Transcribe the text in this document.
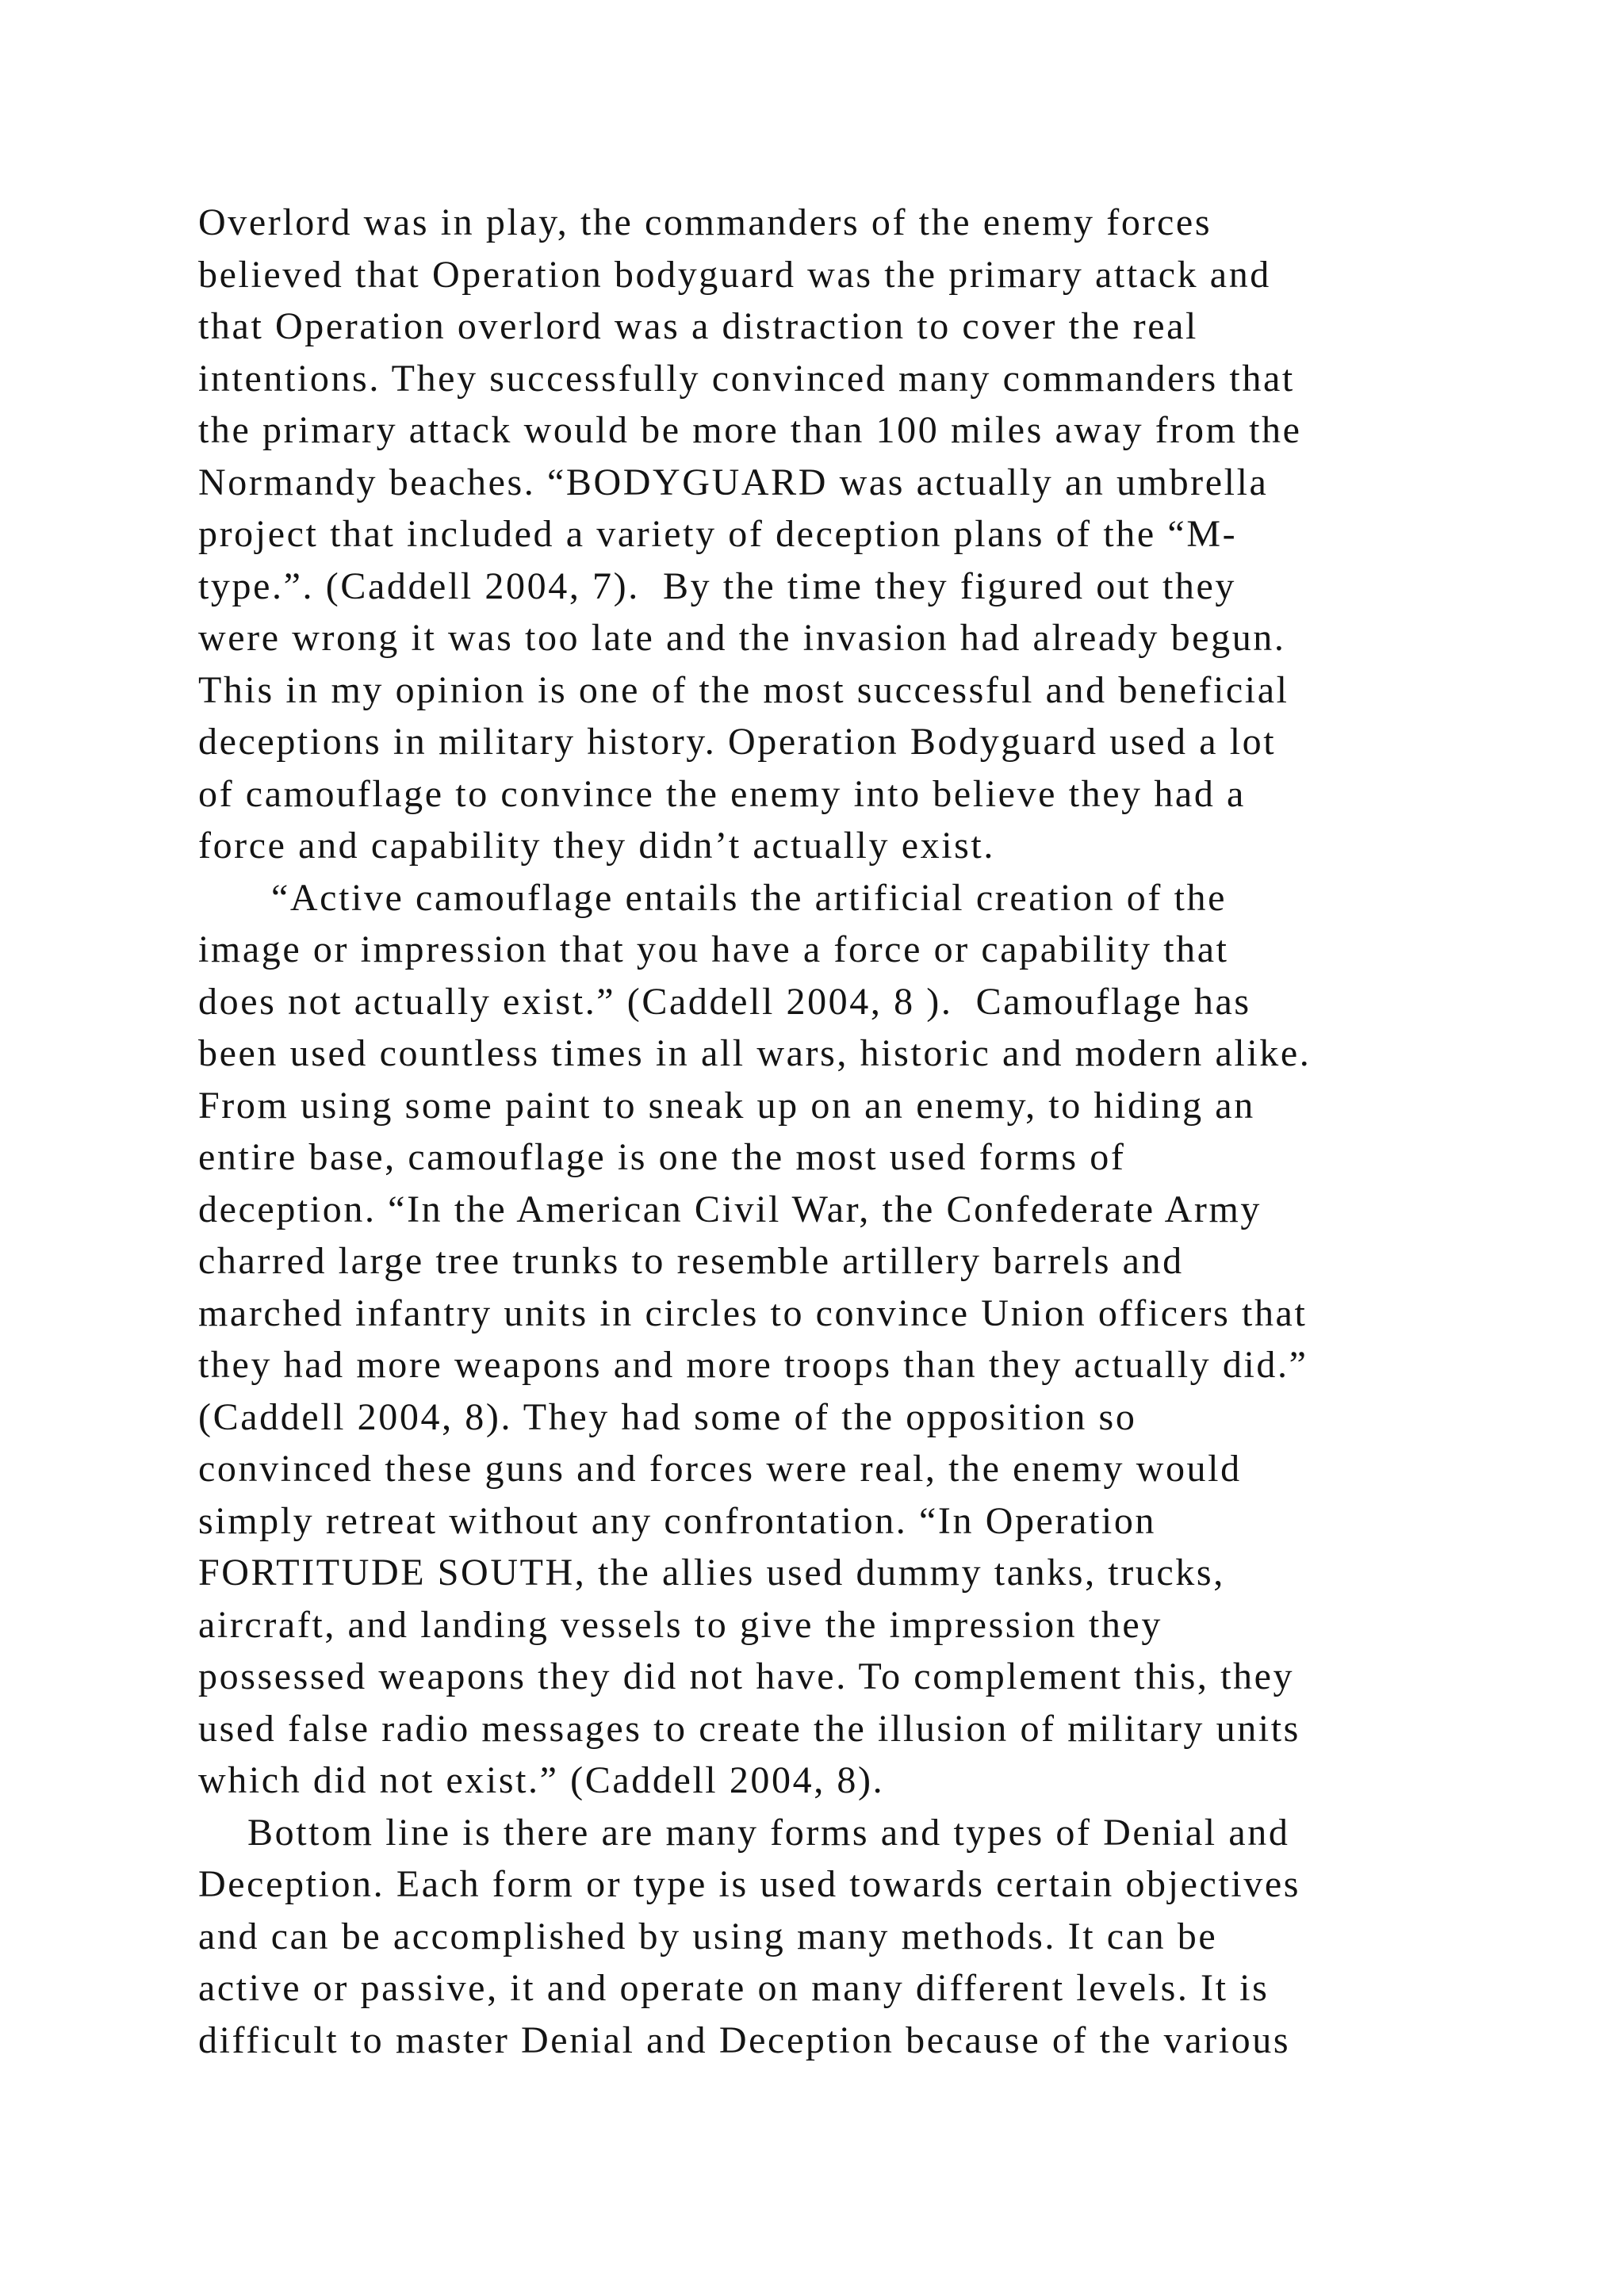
Overlord was in play, the commanders of the enemy forces
believed that Operation bodyguard was the primary attack and
that Operation overlord was a distraction to cover the real
intentions. They successfully convinced many commanders that
the primary attack would be more than 100 miles away from the
Normandy beaches. “BODYGUARD was actually an umbrella
project that included a variety of deception plans of the “M-
type.”. (Caddell 2004, 7).  By the time they figured out they
were wrong it was too late and the invasion had already begun.
This in my opinion is one of the most successful and beneficial
deceptions in military history. Operation Bodyguard used a lot
of camouflage to convince the enemy into believe they had a
force and capability they didn’t actually exist.
“Active camouflage entails the artificial creation of the
image or impression that you have a force or capability that
does not actually exist.” (Caddell 2004, 8 ).  Camouflage has
been used countless times in all wars, historic and modern alike.
From using some paint to sneak up on an enemy, to hiding an
entire base, camouflage is one the most used forms of
deception. “In the American Civil War, the Confederate Army
charred large tree trunks to resemble artillery barrels and
marched infantry units in circles to convince Union officers that
they had more weapons and more troops than they actually did.”
(Caddell 2004, 8). They had some of the opposition so
convinced these guns and forces were real, the enemy would
simply retreat without any confrontation. “In Operation
FORTITUDE SOUTH, the allies used dummy tanks, trucks,
aircraft, and landing vessels to give the impression they
possessed weapons they did not have. To complement this, they
used false radio messages to create the illusion of military units
which did not exist.” (Caddell 2004, 8).
Bottom line is there are many forms and types of Denial and
Deception. Each form or type is used towards certain objectives
and can be accomplished by using many methods. It can be
active or passive, it and operate on many different levels. It is
difficult to master Denial and Deception because of the various
